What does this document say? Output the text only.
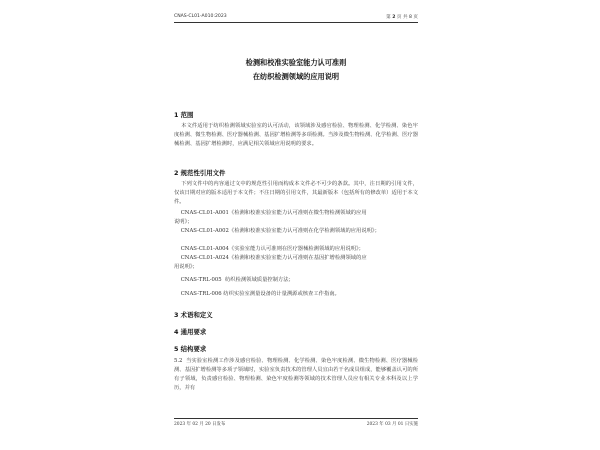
CNAS-CL01-A010:2023	第 2 页 共 8 页
检测和校准实验室能力认可准则
在纺织检测领域的应用说明
1 范围
本文件适用于纺织检测领域实验室的认可活动，该领域涉及感官检验、物理检测、化学检测、染色牢度检测、微生物检测、医疗器械检测、基因扩增检测等多项检测。当涉及微生物检测、化学检测、医疗器械检测、基因扩增检测时，应满足相关领域应用说明的要求。
2 规范性引用文件
下列文件中的内容通过文中的规范性引用而构成本文件必不可少的条款。其中，注日期的引用文件，仅该日期对应的版本适用于本文件；不注日期的引用文件，其最新版本（包括所有的修改单）适用于本文件。
CNAS-CL01-A001《检测和校准实验室能力认可准则在微生物检测领域的应用
说明》；
CNAS-CL01-A002《检测和校准实验室能力认可准则在化学检测领域的应用说明》；
CNAS-CL01-A004《实验室能力认可准则在医疗器械检测领域的应用说明》；
CNAS-CL01-A024《检测和校准实验室能力认可准则在基因扩增检测领域的应
用说明》；
CNAS-TRL-005  纺织检测领域质量控制方法；
CNAS-TRL-006 纺织实验室测量设备的计量溯源或核查工作指南。
3 术语和定义
4 通用要求
5 结构要求
5.2  当实验室检测工作涉及感官检验、物理检测、化学检测、染色牢度检测、微生物检测、医疗器械检测、基因扩增检测等多项子领域时，实验室负责技术的管理人员宜由若干名成员组成，能够覆盖认可的所有子领域，负责感官检验、物理检测、染色牢度检测等领域的技术管理人员应有相关专业本科及以上学历，并有
2023 年 02 月 20 日发布	2023 年 03 月 01 日实施
